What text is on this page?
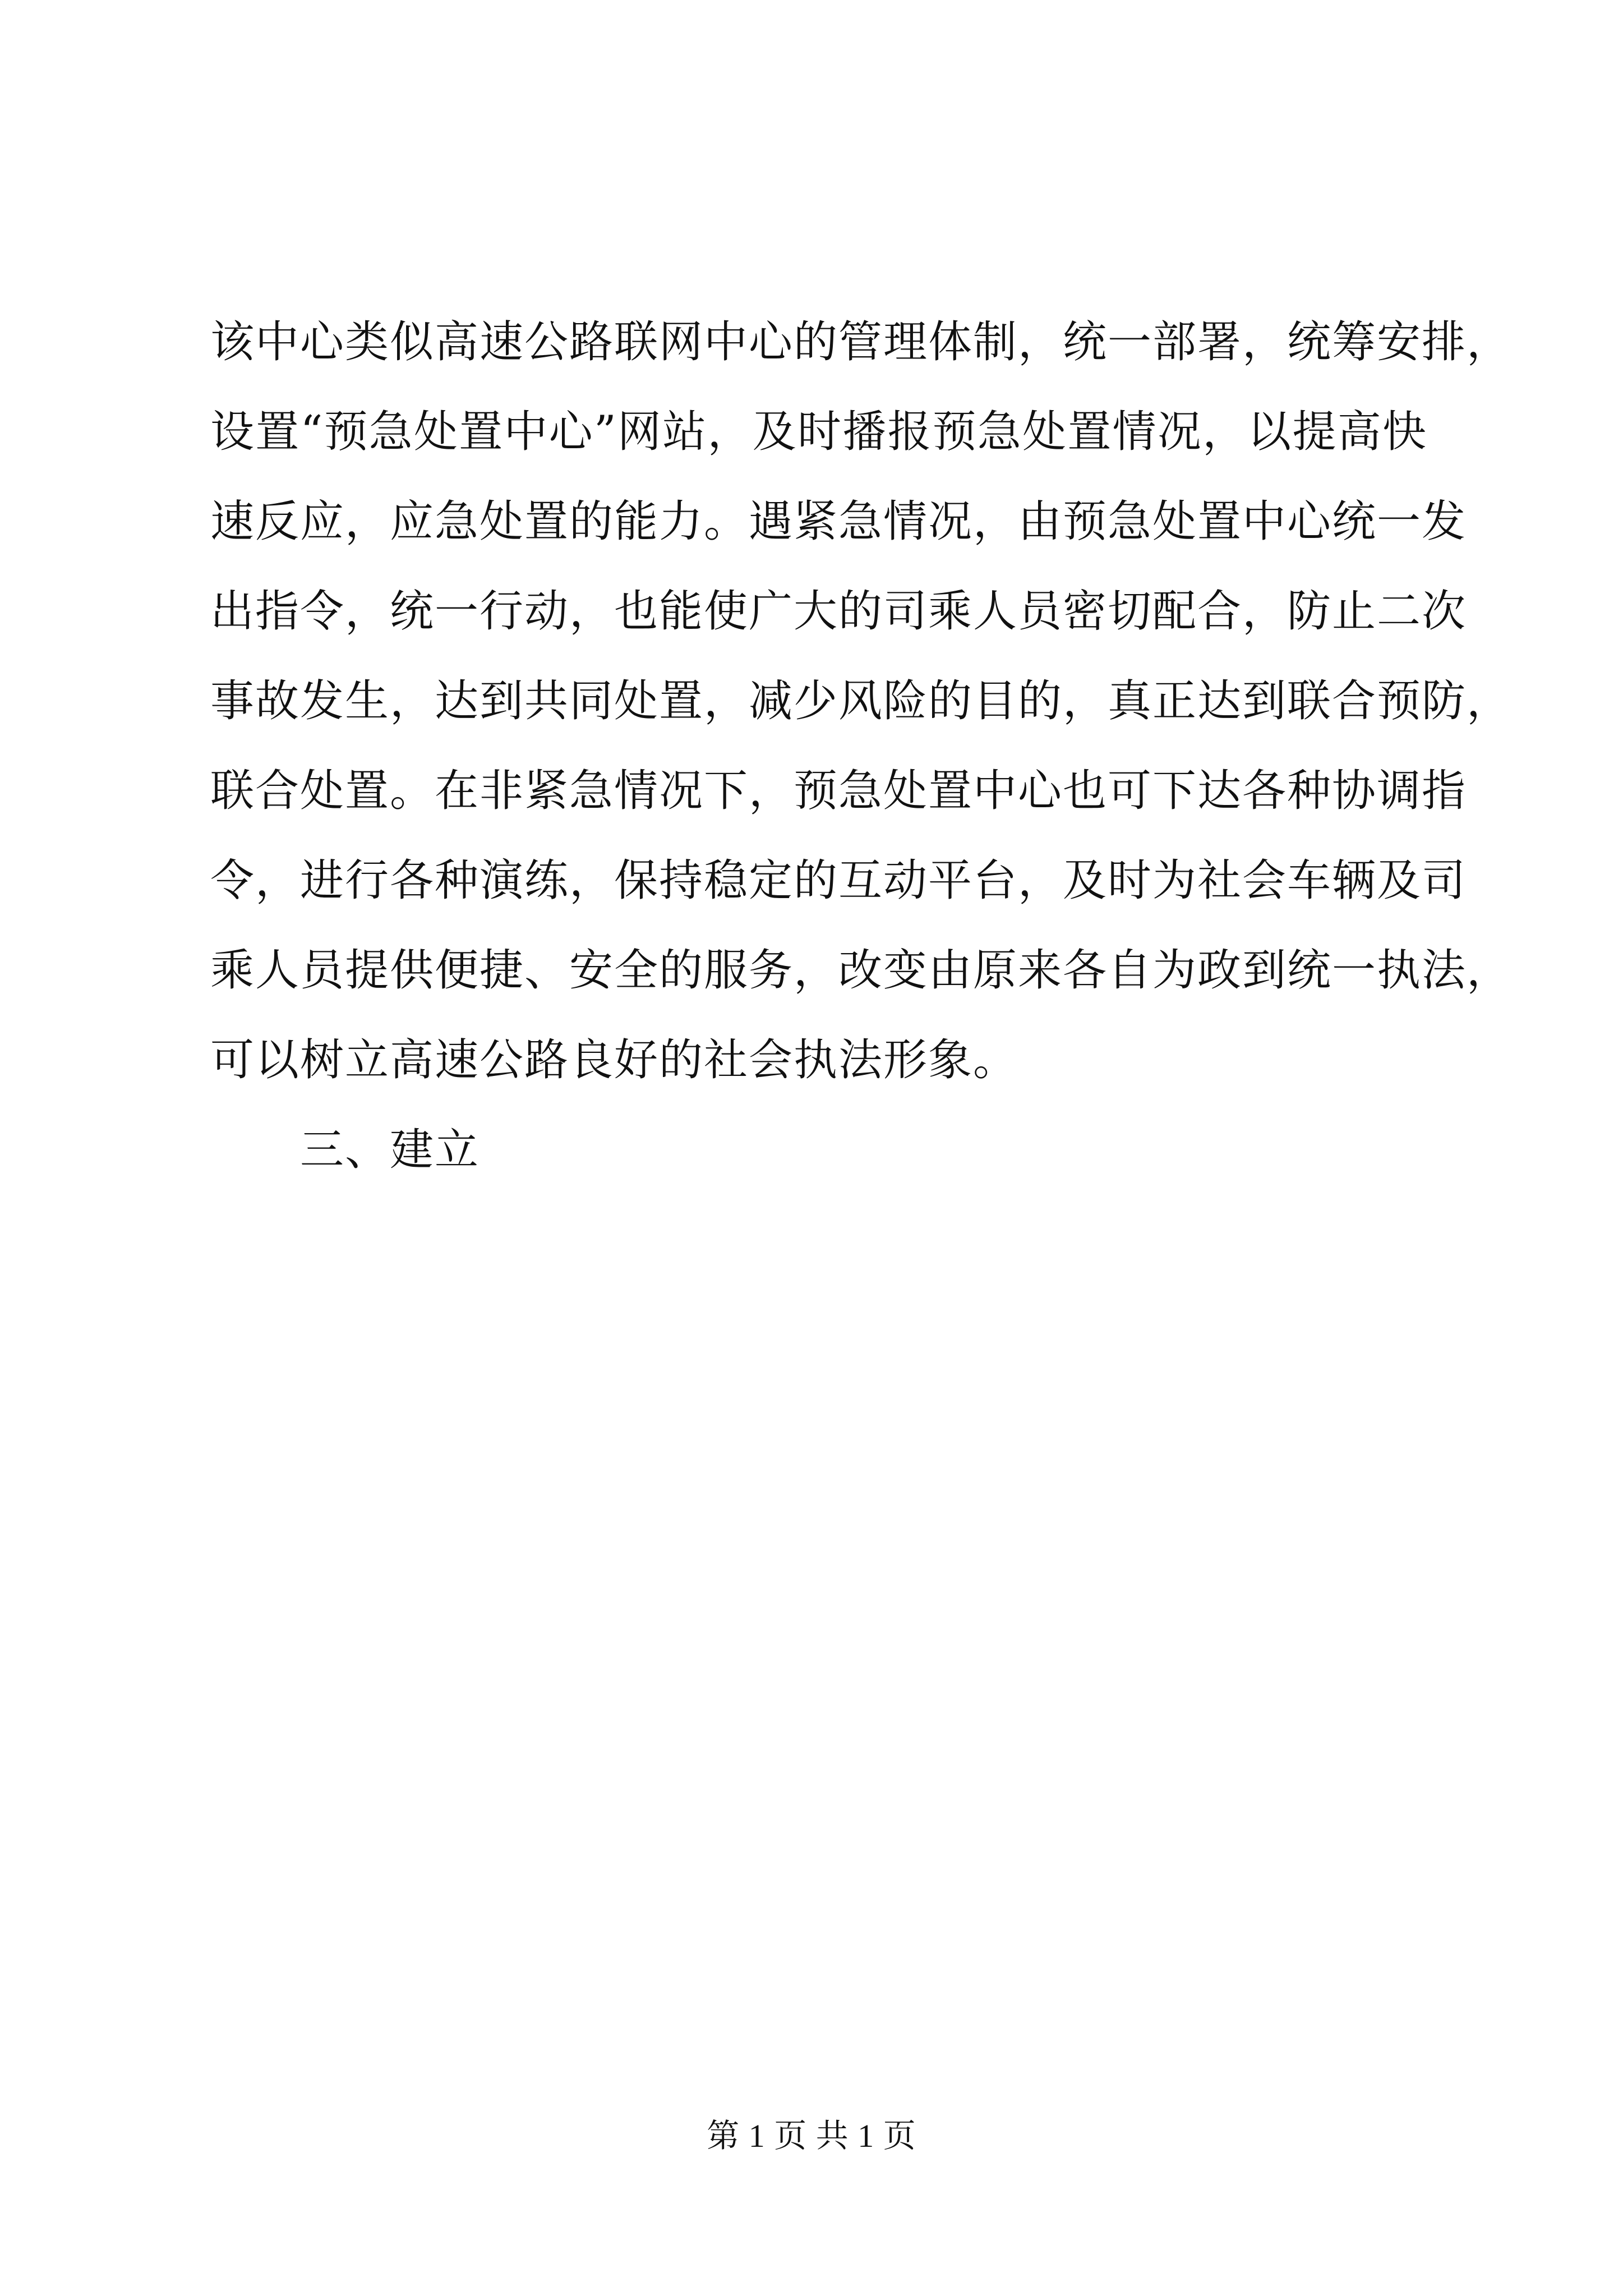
该中心类似高速公路联网中心的管理体制，统一部署，统筹安排，
设置“预急处置中心”网站，及时播报预急处置情况，以提高快
速反应，应急处置的能力。遇紧急情况，由预急处置中心统一发
出指令，统一行动，也能使广大的司乘人员密切配合，防止二次
事故发生，达到共同处置，减少风险的目的，真正达到联合预防，
联合处置。在非紧急情况下，预急处置中心也可下达各种协调指
令，进行各种演练，保持稳定的互动平台，及时为社会车辆及司
乘人员提供便捷、安全的服务，改变由原来各自为政到统一执法，
可以树立高速公路良好的社会执法形象。
三、建立
第 1 页 共 1 页
